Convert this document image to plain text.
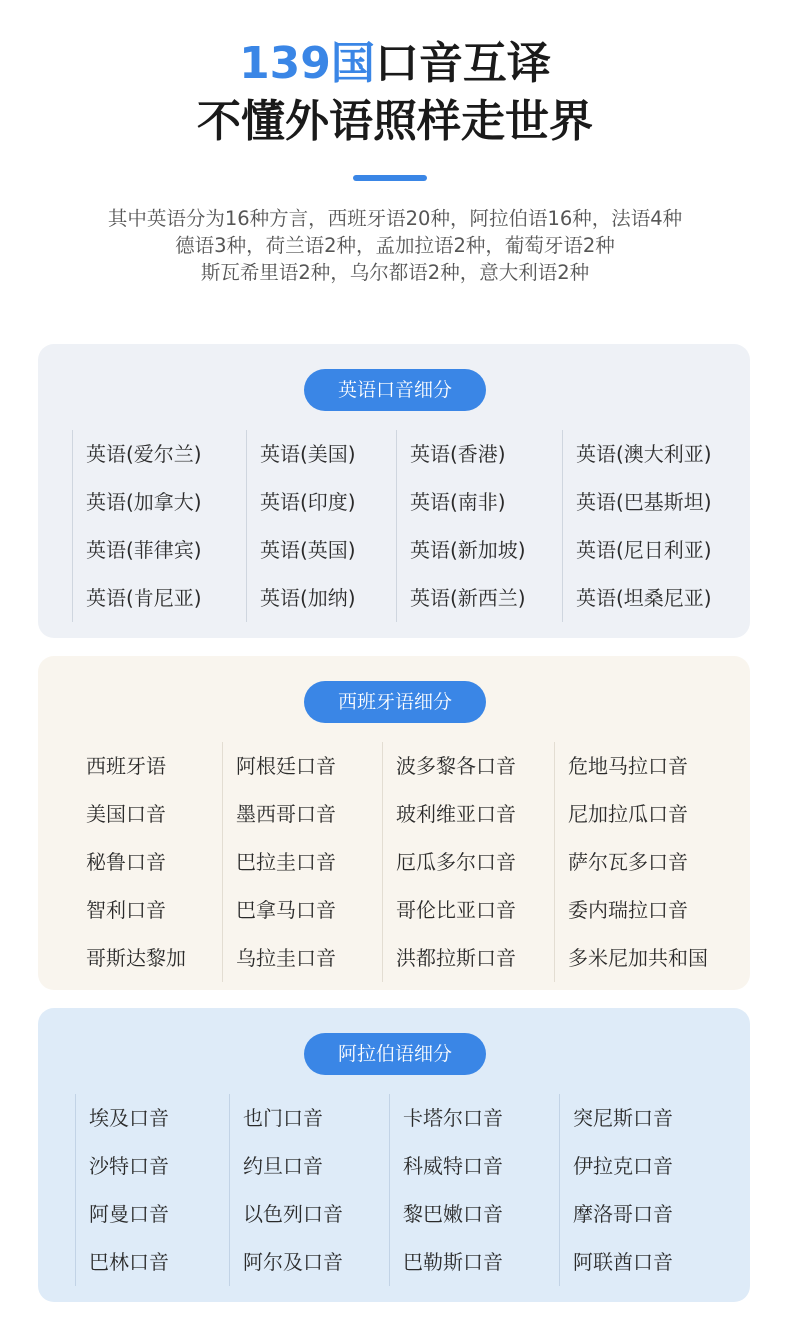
139国口音互译
不懂外语照样走世界

其中英语分为16种方言，西班牙语20种，阿拉伯语16种，法语4种

德语3种，荷兰语2种，孟加拉语2种，葡萄牙语2种

斯瓦希里语2种，乌尔都语2种，意大利语2种

英语口音细分
英语(爱尔兰)
英语(加拿大)
英语(菲律宾)
英语(肯尼亚)
英语(美国)
英语(印度)
英语(英国)
英语(加纳)
英语(香港)
英语(南非)
英语(新加坡)
英语(新西兰)
英语(澳大利亚)
英语(巴基斯坦)
英语(尼日利亚)
英语(坦桑尼亚)
西班牙语细分
西班牙语
美国口音
秘鲁口音
智利口音
哥斯达黎加
阿根廷口音
墨西哥口音
巴拉圭口音
巴拿马口音
乌拉圭口音
波多黎各口音
玻利维亚口音
厄瓜多尔口音
哥伦比亚口音
洪都拉斯口音
危地马拉口音
尼加拉瓜口音
萨尔瓦多口音
委内瑞拉口音
多米尼加共和国
阿拉伯语细分
埃及口音
沙特口音
阿曼口音
巴林口音
也门口音
约旦口音
以色列口音
阿尔及口音
卡塔尔口音
科威特口音
黎巴嫩口音
巴勒斯口音
突尼斯口音
伊拉克口音
摩洛哥口音
阿联酋口音
